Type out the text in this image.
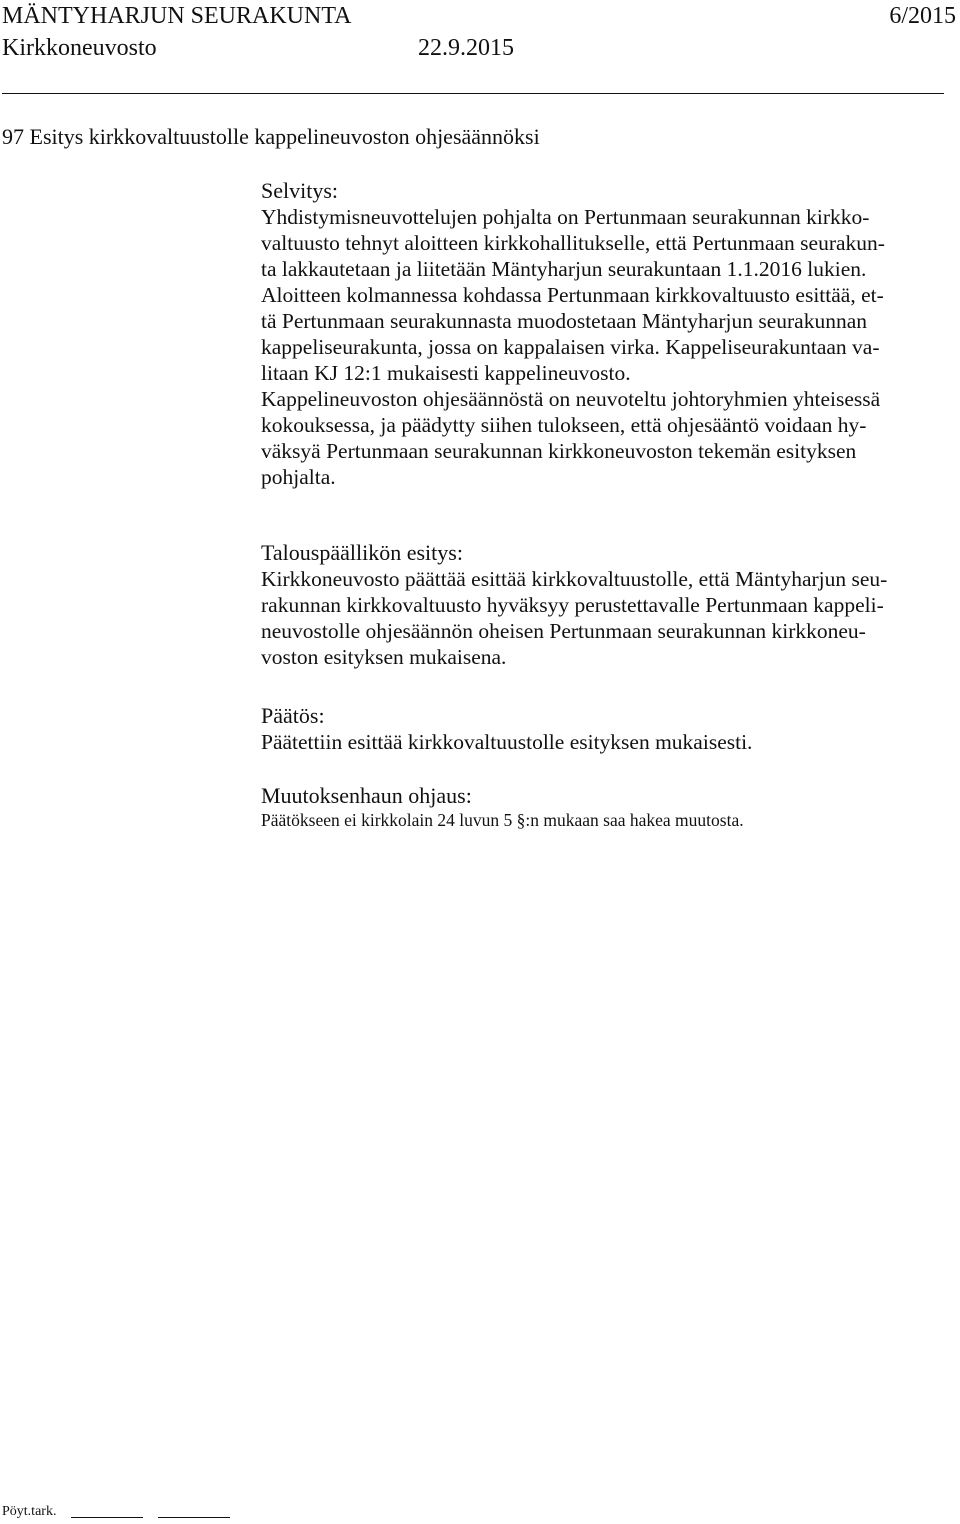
MÄNTYHARJUN SEURAKUNTA	6/2015
Kirkkoneuvosto	22.9.2015
97 Esitys kirkkovaltuustolle kappelineuvoston ohjesäännöksi
Selvitys:
Yhdistymisneuvottelujen pohjalta on Pertunmaan seurakunnan kirkko-
valtuusto tehnyt aloitteen kirkkohallitukselle, että Pertunmaan seurakun-
ta lakkautetaan ja liitetään Mäntyharjun seurakuntaan 1.1.2016 lukien.
Aloitteen kolmannessa kohdassa Pertunmaan kirkkovaltuusto esittää, et-
tä Pertunmaan seurakunnasta muodostetaan Mäntyharjun seurakunnan
kappeliseurakunta, jossa on kappalaisen virka. Kappeliseurakuntaan va-
litaan KJ 12:1 mukaisesti kappelineuvosto.
Kappelineuvoston ohjesäännöstä on neuvoteltu johtoryhmien yhteisessä
kokouksessa, ja päädytty siihen tulokseen, että ohjesääntö voidaan hy-
väksyä Pertunmaan seurakunnan kirkkoneuvoston tekemän esityksen
pohjalta.
Talouspäällikön esitys:
Kirkkoneuvosto päättää esittää kirkkovaltuustolle, että Mäntyharjun seu-
rakunnan kirkkovaltuusto hyväksyy perustettavalle Pertunmaan kappeli-
neuvostolle ohjesäännön oheisen Pertunmaan seurakunnan kirkkoneu-
voston esityksen mukaisena.
Päätös:
Päätettiin esittää kirkkovaltuustolle esityksen mukaisesti.
Muutoksenhaun ohjaus:
Päätökseen ei kirkkolain 24 luvun 5 §:n mukaan saa hakea muutosta.
Pöyt.tark.
